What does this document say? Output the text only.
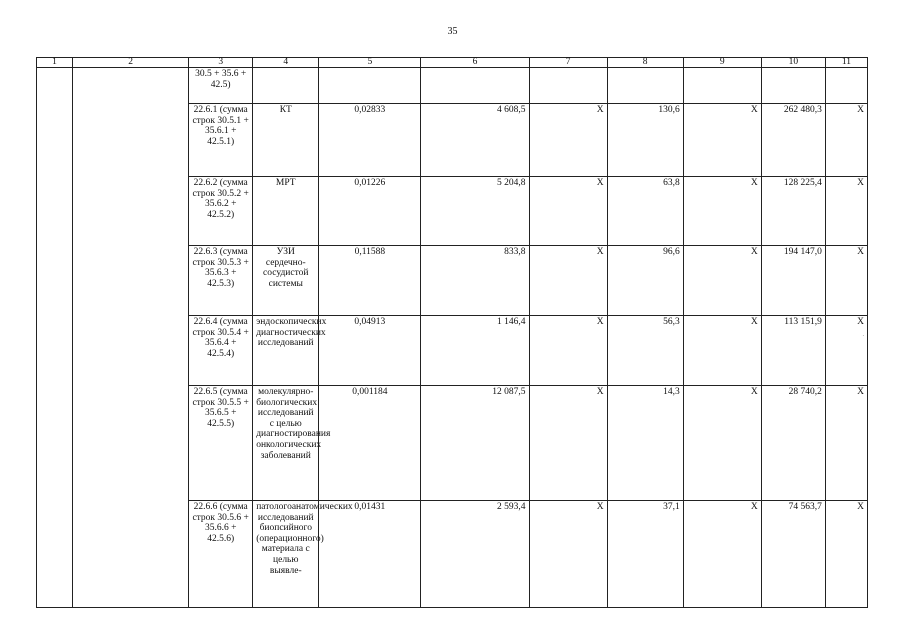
35
1	2	3	4	5	6	7	8	9	10	11
		30.5 + 35.6 + 42.5)								
		22.6.1 (сумма строк 30.5.1 + 35.6.1 + 42.5.1)	КТ	0,02833	4 608,5	Х	130,6	Х	262 480,3	Х
		22.6.2 (сумма строк 30.5.2 + 35.6.2 + 42.5.2)	МРТ	0,01226	5 204,8	Х	63,8	Х	128 225,4	Х
		22.6.3 (сумма строк 30.5.3 + 35.6.3 + 42.5.3)	УЗИ сердечно-сосудистой системы	0,11588	833,8	Х	96,6	Х	194 147,0	Х
		22.6.4 (сумма строк 30.5.4 + 35.6.4 + 42.5.4)	эндоскопических диагностических исследований	0,04913	1 146,4	Х	56,3	Х	113 151,9	Х
·

		22.6.5 (сумма строк 30.5.5 + 35.6.5 + 42.5.5)	молекулярно-биологических исследований с целью диагностирования онкологических заболеваний	0,001184	12 087,5	Х	14,3	Х	28 740,2	Х
		22.6.6 (сумма строк 30.5.6 + 35.6.6 + 42.5.6)	патологоанатомических исследований биопсийного (операционного) материала с целью выявле-	0,01431	2 593,4	Х	37,1	Х	74 563,7	Х
